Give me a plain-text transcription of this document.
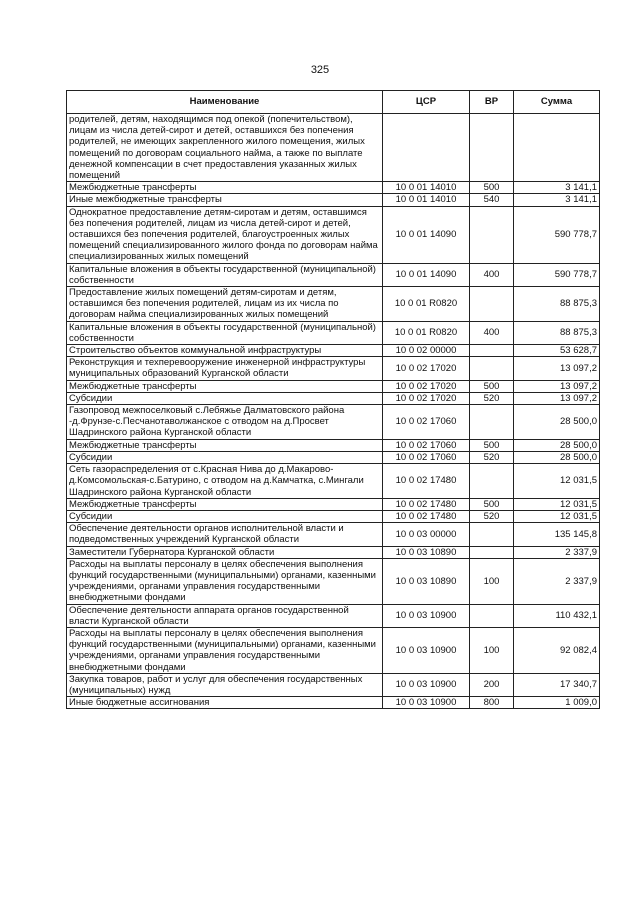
325
Наименование	ЦСР	ВР	Сумма
родителей, детям, находящимся под опекой (попечительством), лицам из числа детей-сирот и детей, оставшихся без попечения родителей, не имеющих закрепленного жилого помещения, жилых помещений по договорам социального найма, а также по выплате денежной компенсации в счет предоставления указанных жилых помещений			
Межбюджетные трансферты	10 0 01 14010	500	3 141,1
Иные межбюджетные трансферты	10 0 01 14010	540	3 141,1
Однократное предоставление детям-сиротам и детям, оставшимся без попечения родителей, лицам из числа детей-сирот и детей, оставшихся без попечения родителей, благоустроенных жилых помещений специализированного жилого фонда по договорам найма специализированных жилых помещений	10 0 01 14090		590 778,7
Капитальные вложения в объекты государственной (муниципальной) собственности	10 0 01 14090	400	590 778,7
Предоставление жилых помещений детям-сиротам и детям, оставшимся без попечения родителей, лицам из их числа по договорам найма специализированных жилых помещений	10 0 01 R0820		88 875,3
Капитальные вложения в объекты государственной (муниципальной) собственности	10 0 01 R0820	400	88 875,3
Строительство объектов коммунальной инфраструктуры	10 0 02 00000		53 628,7
Реконструкция и техперевооружение инженерной инфраструктуры муниципальных образований Курганской области	10 0 02 17020		13 097,2
Межбюджетные трансферты	10 0 02 17020	500	13 097,2
Субсидии	10 0 02 17020	520	13 097,2
Газопровод межпоселковый с.Лебяжье Далматовского района -д.Фрунзе-с.Песчанотаволжанское с отводом на д.Просвет Шадринского района Курганской области	10 0 02 17060		28 500,0
Межбюджетные трансферты	10 0 02 17060	500	28 500,0
Субсидии	10 0 02 17060	520	28 500,0
Сеть газораспределения от с.Красная Нива до д.Макарово-д.Комсомольская-с.Батурино, с отводом на д.Камчатка, с.Мингали Шадринского района Курганской области	10 0 02 17480		12 031,5
Межбюджетные трансферты	10 0 02 17480	500	12 031,5
Субсидии	10 0 02 17480	520	12 031,5
Обеспечение деятельности органов исполнительной власти и подведомственных учреждений Курганской области	10 0 03 00000		135 145,8
Заместители Губернатора Курганской области	10 0 03 10890		2 337,9
Расходы на выплаты персоналу в целях обеспечения выполнения функций государственными (муниципальными) органами, казенными учреждениями, органами управления государственными внебюджетными фондами	10 0 03 10890	100	2 337,9
Обеспечение деятельности аппарата органов государственной власти Курганской области	10 0 03 10900		110 432,1
Расходы на выплаты персоналу в целях обеспечения выполнения функций государственными (муниципальными) органами, казенными учреждениями, органами управления государственными внебюджетными фондами	10 0 03 10900	100	92 082,4
Закупка товаров, работ и услуг для обеспечения государственных (муниципальных) нужд	10 0 03 10900	200	17 340,7
Иные бюджетные ассигнования	10 0 03 10900	800	1 009,0
